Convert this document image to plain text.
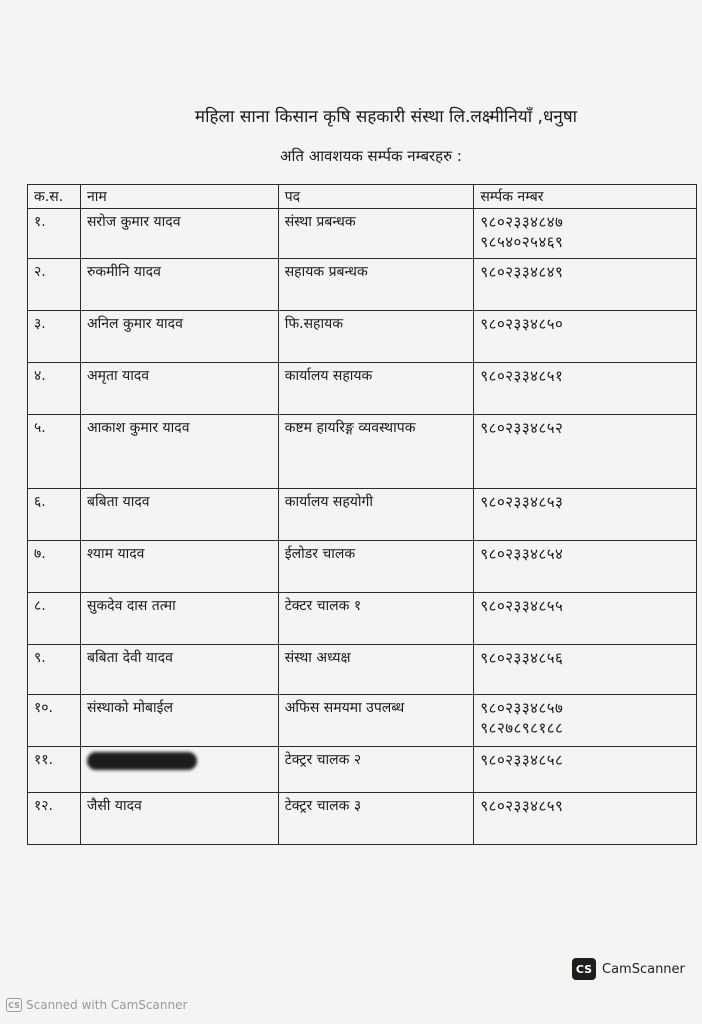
महिला साना किसान कृषि सहकारी संस्था लि.लक्ष्मीनियाँ ,धनुषा
अति आवशयक सर्म्पक नम्बरहरु :
क.स.	नाम	पद	सर्म्पक नम्बर
१.	सरोज कुमार यादव	संस्था प्रबन्धक	९८०२३३४८४७
९८५४०२५४६९

२.	रुकमीनि यादव	सहायक प्रबन्धक	९८०२३३४८४९

३.	अनिल कुमार यादव	फि.सहायक	९८०२३३४८५०

४.	अमृता यादव	कार्यालय सहायक	९८०२३३४८५१

५.	आकाश कुमार यादव	कष्टम हायरिङ्ग व्यवस्थापक	९८०२३३४८५२

६.	बबिता यादव	कार्यालय सहयोगी	९८०२३३४८५३

७.	श्याम यादव	ईलोडर चालक	९८०२३३४८५४

८.	सुकदेव दास तत्मा	टेक्टर चालक १	९८०२३३४८५५

९.	बबिता देवी यादव	संस्था अध्यक्ष	९८०२३३४८५६

१०.	संस्थाको मोबाईल	अफिस समयमा उपलब्ध	९८०२३३४८५७
९८२७८९८१८८

११.		टेक्ट्रर चालक २	९८०२३३४८५८

१२.	जैसी यादव	टेक्ट्रर चालक ३	९८०२३३४८५९
CS CamScanner
CS Scanned with CamScanner
